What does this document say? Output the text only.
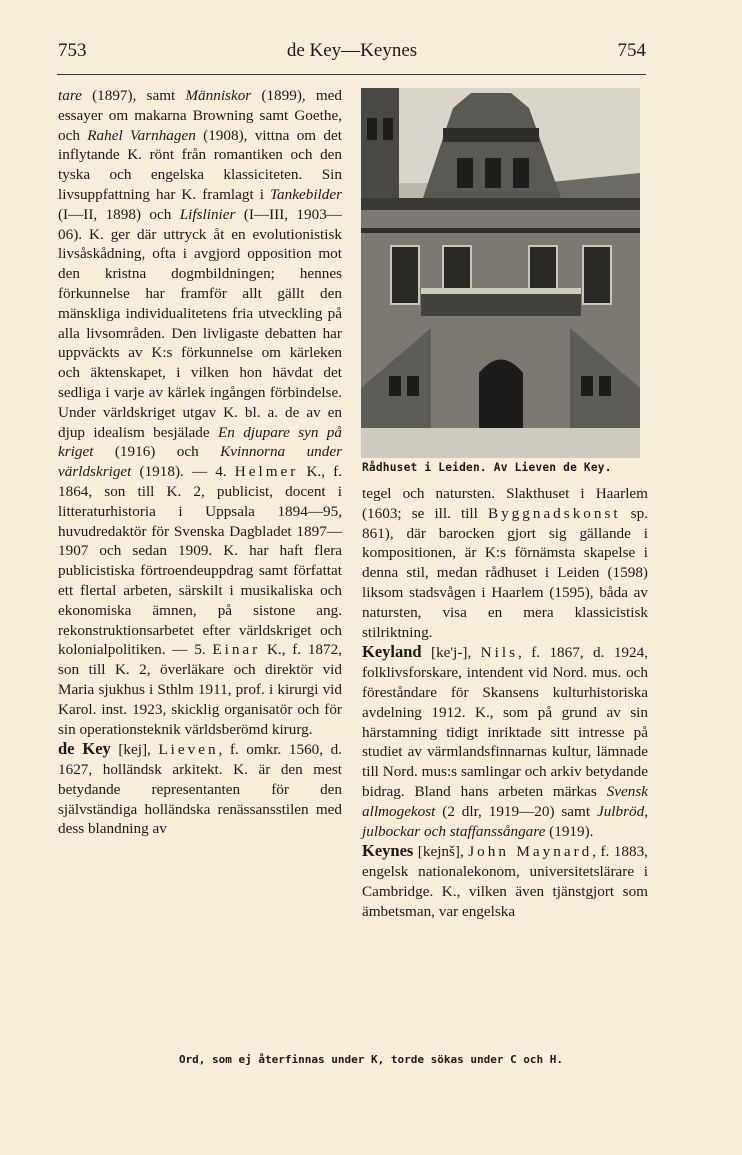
753	de Key—Keynes	754

tare (1897), samt Människor (1899), med essayer om makarna Browning samt Goethe, och Rahel Varnhagen (1908), vittna om det inflytande K. rönt från romantiken och den tyska och engelska klassiciteten. Sin livsuppfattning har K. framlagt i Tankebilder (I—II, 1898) och Lifslinier (I—III, 1903—06). K. ger där uttryck åt en evolutionistisk livsåskådning, ofta i avgjord opposition mot den kristna dogmbildningen; hennes förkunnelse har framför allt gällt den mänskliga individualitetens fria utveckling på alla livsområden. Den livligaste debatten har uppväckts av K:s förkunnelse om kärleken och äktenskapet, i vilken hon hävdat det sedliga i varje av kärlek ingången förbindelse. Under världskriget utgav K. bl. a. de av en djup idealism besjälade En djupare syn på kriget (1916) och Kvinnorna under världskriget (1918). — 4. Helmer K., f. 1864, son till K. 2, publicist, docent i litteraturhistoria i Uppsala 1894—95, huvudredaktör för Svenska Dagbladet 1897—1907 och sedan 1909. K. har haft flera publicistiska förtroendeuppdrag samt författat ett flertal arbeten, särskilt i musikaliska och ekonomiska ämnen, på sistone ang. rekonstruktionsarbetet efter världskriget och kolonialpolitiken. — 5. Einar K., f. 1872, son till K. 2, överläkare och direktör vid Maria sjukhus i Sthlm 1911, prof. i kirurgi vid Karol. inst. 1923, skicklig organisatör och för sin operationsteknik världsberömd kirurg.

de Key [kej], Lieven, f. omkr. 1560, d. 1627, holländsk arkitekt. K. är den mest betydande representanten för den självständiga holländska renässansstilen med dess blandning av

Rådhuset i Leiden. Av Lieven de Key.

tegel och natursten. Slakthuset i Haarlem (1603; se ill. till Byggnadskonst sp. 861), där barocken gjort sig gällande i kompositionen, är K:s förnämsta skapelse i denna stil, medan rådhuset i Leiden (1598) liksom stadsvågen i Haarlem (1595), båda av natursten, visa en mera klassicistisk stilriktning.

Keyland [ke'j-], Nils, f. 1867, d. 1924, folklivsforskare, intendent vid Nord. mus. och föreståndare för Skansens kulturhistoriska avdelning 1912. K., som på grund av sin härstamning tidigt inriktade sitt intresse på studiet av värmlandsfinnarnas kultur, lämnade till Nord. mus:s samlingar och arkiv betydande bidrag. Bland hans arbeten märkas Svensk allmogekost (2 dlr, 1919—20) samt Julbröd, julbockar och staffanssångare (1919).

Keynes [kejnš], John Maynard, f. 1883, engelsk nationalekonom, universitetslärare i Cambridge. K., vilken även tjänstgjort som ämbetsman, var engelska

Ord, som ej återfinnas under K, torde sökas under C och H.
